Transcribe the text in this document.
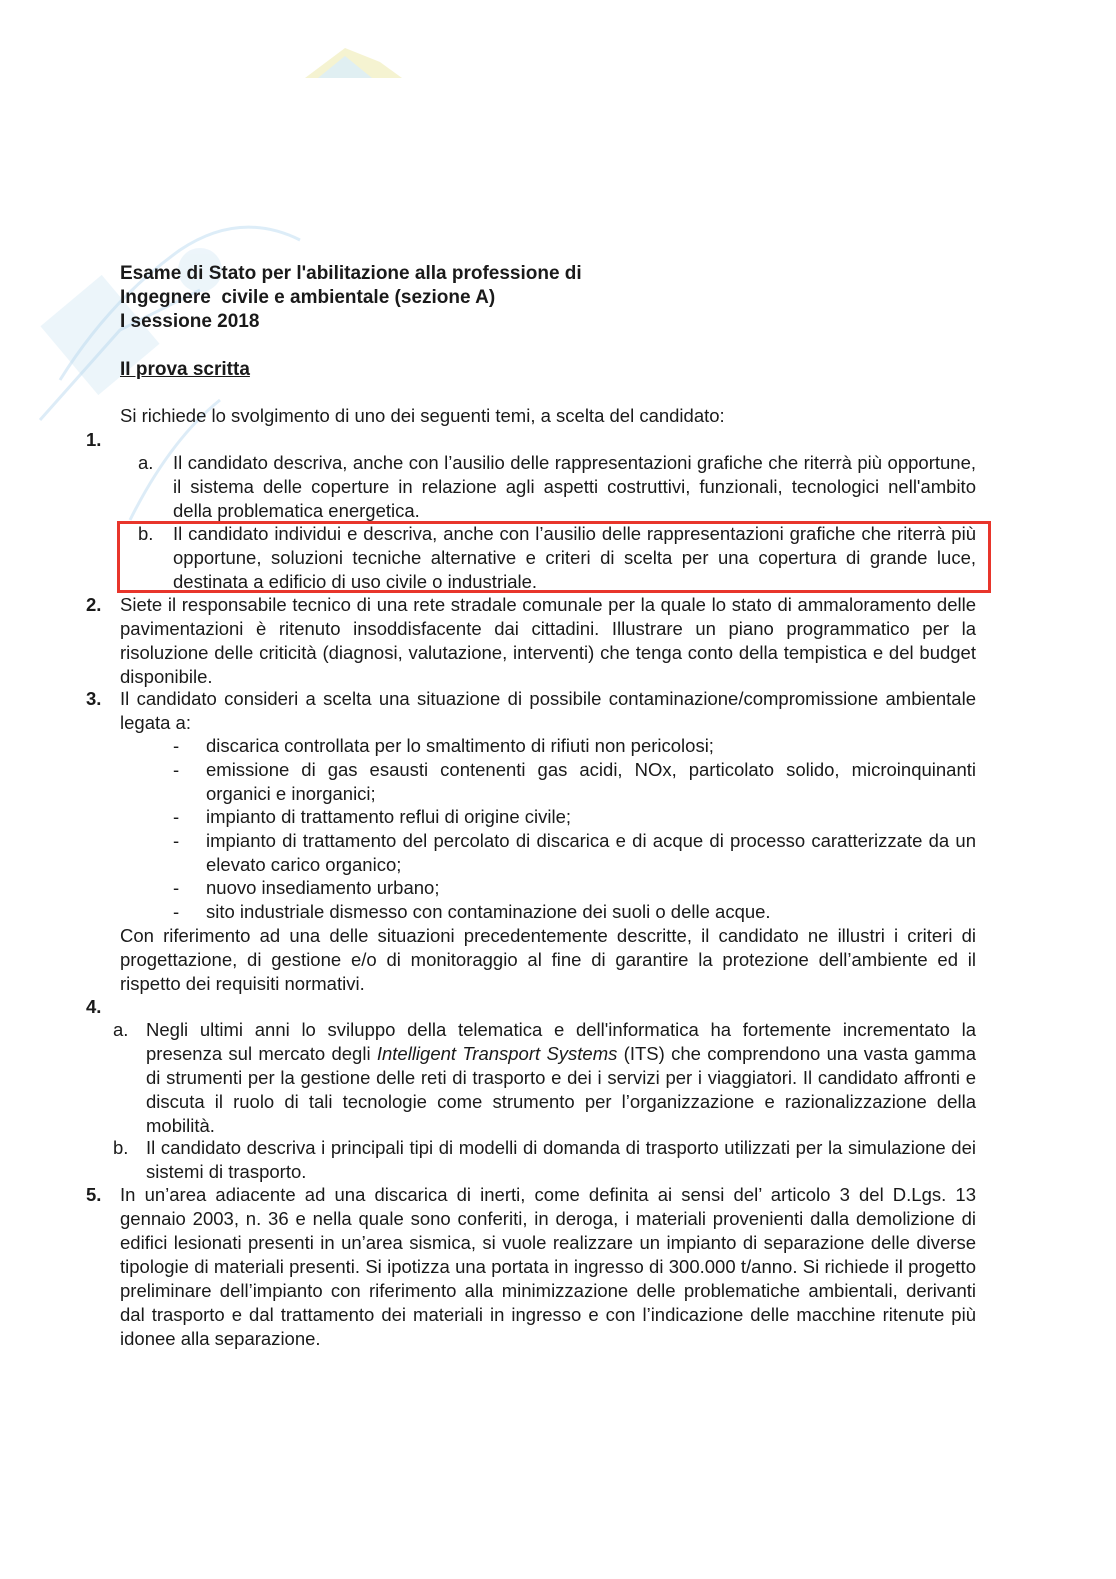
Esame di Stato per l'abilitazione alla professione di
Ingegnere  civile e ambientale (sezione A)
I sessione 2018
II prova scritta
Si richiede lo svolgimento di uno dei seguenti temi, a scelta del candidato:
1.
a. Il candidato descriva, anche con l’ausilio delle rappresentazioni grafiche che riterrà più opportune, il sistema delle coperture in relazione agli aspetti costruttivi, funzionali, tecnologici nell'ambito della problematica energetica.
b. Il candidato individui e descriva, anche con l’ausilio delle rappresentazioni grafiche che riterrà più opportune, soluzioni tecniche alternative e criteri di scelta per una copertura di grande luce, destinata a edificio di uso civile o industriale.
2. Siete il responsabile tecnico di una rete stradale comunale per la quale lo stato di ammaloramento delle pavimentazioni è ritenuto insoddisfacente dai cittadini. Illustrare un piano programmatico per la risoluzione delle criticità (diagnosi, valutazione, interventi) che tenga conto della tempistica e del budget disponibile.
3. Il candidato consideri a scelta una situazione di possibile contaminazione/compromissione ambientale legata a:
- discarica controllata per lo smaltimento di rifiuti non pericolosi;
- emissione di gas esausti contenenti gas acidi, NOx, particolato solido, microinquinanti organici e inorganici;
- impianto di trattamento reflui di origine civile;
- impianto di trattamento del percolato di discarica e di acque di processo caratterizzate da un elevato carico organico;
- nuovo insediamento urbano;
- sito industriale dismesso con contaminazione dei suoli o delle acque.
Con riferimento ad una delle situazioni precedentemente descritte, il candidato ne illustri i criteri di progettazione, di gestione e/o di monitoraggio al fine di garantire la protezione dell’ambiente ed il rispetto dei requisiti normativi.
4.
a. Negli ultimi anni lo sviluppo della telematica e dell'informatica ha fortemente incrementato la presenza sul mercato degli Intelligent Transport Systems (ITS) che comprendono una vasta gamma di strumenti per la gestione delle reti di trasporto e dei i servizi per i viaggiatori. Il candidato affronti e discuta il ruolo di tali tecnologie come strumento per l’organizzazione e razionalizzazione della mobilità.
b. Il candidato descriva i principali tipi di modelli di domanda di trasporto utilizzati per la simulazione dei sistemi di trasporto.
5. In un’area adiacente ad una discarica di inerti, come definita ai sensi del’ articolo 3 del D.Lgs. 13 gennaio 2003, n. 36 e nella quale sono conferiti, in deroga, i materiali provenienti dalla demolizione di edifici lesionati presenti in un’area sismica, si vuole realizzare un impianto di separazione delle diverse tipologie di materiali presenti. Si ipotizza una portata in ingresso di 300.000 t/anno. Si richiede il progetto preliminare dell’impianto con riferimento alla minimizzazione delle problematiche ambientali, derivanti dal trasporto e dal trattamento dei materiali in ingresso e con l’indicazione delle macchine ritenute più idonee alla separazione.
